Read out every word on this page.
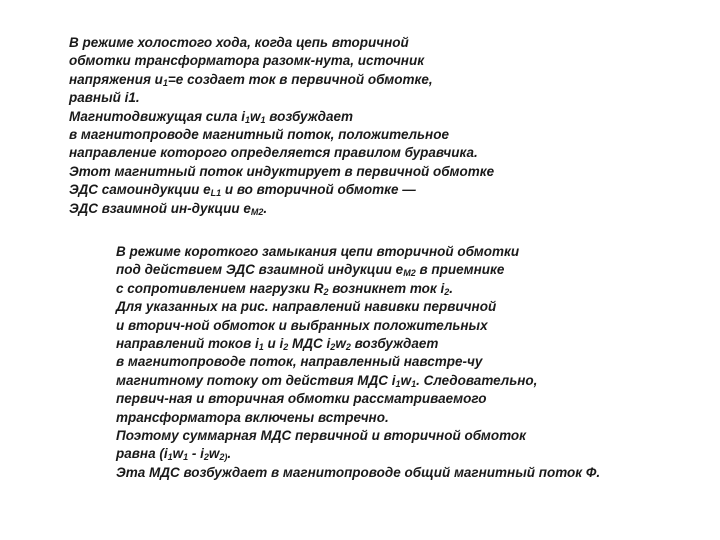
В режиме холостого хода, когда цепь вторичной
обмотки трансформатора разомк-нута, источник
напряжения $u_1=e$ создает ток в первичной обмотке,
равный i1.
Магнитодвижущая сила $i_1w_1$ возбуждает
в магнитопроводе магнитный поток, положительное
направление которого определяется правилом буравчика.
Этот магнитный поток индуктирует в первичной обмотке
ЭДС самоиндукции $e_{L1}$ и во вторичной обмотке —
ЭДС взаимной ин-дукции $e_{M2}$.
В режиме короткого замыкания цепи вторичной обмотки
под действием ЭДС взаимной индукции $e_{M2}$ в приемнике
с сопротивлением нагрузки $R_2$ возникнет ток $i_2$.
Для указанных на рис. направлений навивки первичной
и вторич-ной обмоток и выбранных положительных
направлений токов $i_1$ и $i_2$ МДС $i_2w_2$ возбуждает
в магнитопроводе поток, направленный навстре-чу
магнитному потоку от действия МДС $i_1w_1$. Следовательно,
первич-ная и вторичная обмотки рассматриваемого
трансформатора включены встречно.
Поэтому суммарная МДС первичной и вторичной обмоток
равна ($i_1w_1 - i_2w_{2)}$.
Эта МДС возбуждает в магнитопроводе общий магнитный поток Ф.
